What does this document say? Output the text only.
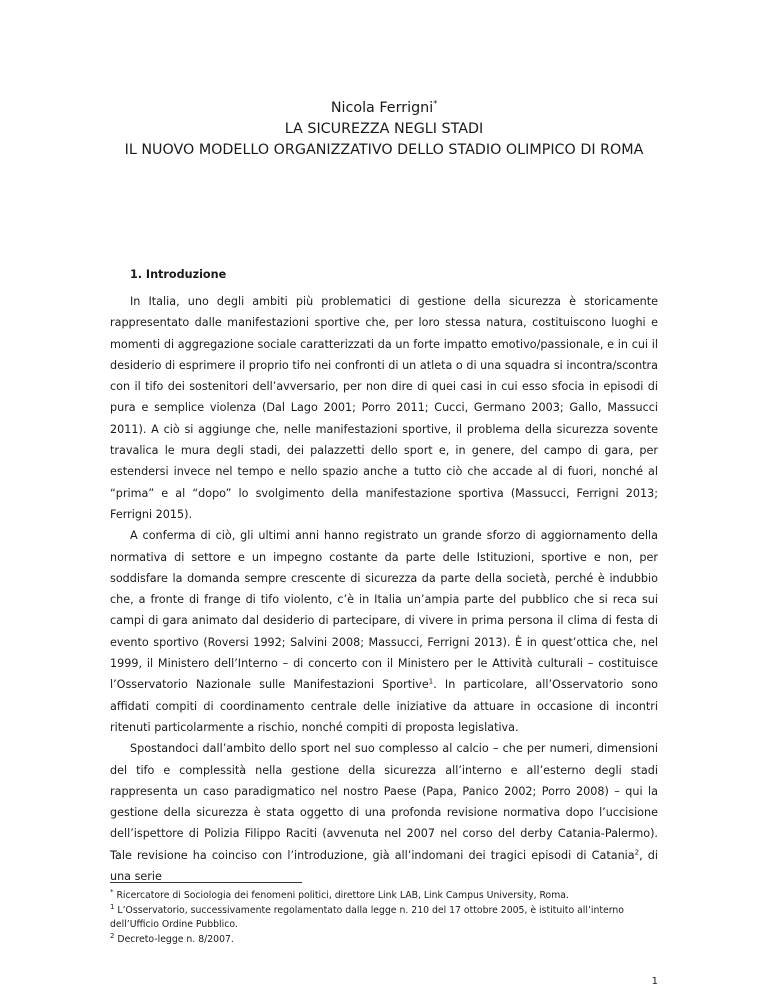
Nicola Ferrigni*
LA SICUREZZA NEGLI STADI
IL NUOVO MODELLO ORGANIZZATIVO DELLO STADIO OLIMPICO DI ROMA
1. Introduzione

In Italia, uno degli ambiti più problematici di gestione della sicurezza è storicamente rappresentato dalle manifestazioni sportive che, per loro stessa natura, costituiscono luoghi e momenti di aggregazione sociale caratterizzati da un forte impatto emotivo/passionale, e in cui il desiderio di esprimere il proprio tifo nei confronti di un atleta o di una squadra si incontra/scontra con il tifo dei sostenitori dell’avversario, per non dire di quei casi in cui esso sfocia in episodi di pura e semplice violenza (Dal Lago 2001; Porro 2011; Cucci, Germano 2003; Gallo, Massucci 2011). A ciò si aggiunge che, nelle manifestazioni sportive, il problema della sicurezza sovente travalica le mura degli stadi, dei palazzetti dello sport e, in genere, del campo di gara, per estendersi invece nel tempo e nello spazio anche a tutto ciò che accade al di fuori, nonché al “prima” e al “dopo” lo svolgimento della manifestazione sportiva (Massucci, Ferrigni 2013; Ferrigni 2015).

A conferma di ciò, gli ultimi anni hanno registrato un grande sforzo di aggiornamento della normativa di settore e un impegno costante da parte delle Istituzioni, sportive e non, per soddisfare la domanda sempre crescente di sicurezza da parte della società, perché è indubbio che, a fronte di frange di tifo violento, c’è in Italia un’ampia parte del pubblico che si reca sui campi di gara animato dal desiderio di partecipare, di vivere in prima persona il clima di festa di evento sportivo (Roversi 1992; Salvini 2008; Massucci, Ferrigni 2013). È in quest’ottica che, nel 1999, il Ministero dell’Interno – di concerto con il Ministero per le Attività culturali – costituisce l’Osservatorio Nazionale sulle Manifestazioni Sportive$^1$. In particolare, all’Osservatorio sono affidati compiti di coordinamento centrale delle iniziative da attuare in occasione di incontri ritenuti particolarmente a rischio, nonché compiti di proposta legislativa.

Spostandoci dall’ambito dello sport nel suo complesso al calcio – che per numeri, dimensioni del tifo e complessità nella gestione della sicurezza all’interno e all’esterno degli stadi rappresenta un caso paradigmatico nel nostro Paese (Papa, Panico 2002; Porro 2008) – qui la gestione della sicurezza è stata oggetto di una profonda revisione normativa dopo l’uccisione dell’ispettore di Polizia Filippo Raciti (avvenuta nel 2007 nel corso del derby Catania-Palermo). Tale revisione ha coinciso con l’introduzione, già all’indomani dei tragici episodi di Catania$^2$, di una serie

* Ricercatore di Sociologia dei fenomeni politici, direttore Link LAB, Link Campus University, Roma.
$^1$ L’Osservatorio, successivamente regolamentato dalla legge n. 210 del 17 ottobre 2005, è istituito all’interno dell’Ufficio Ordine Pubblico.
$^2$ Decreto-legge n. 8/2007.
1
